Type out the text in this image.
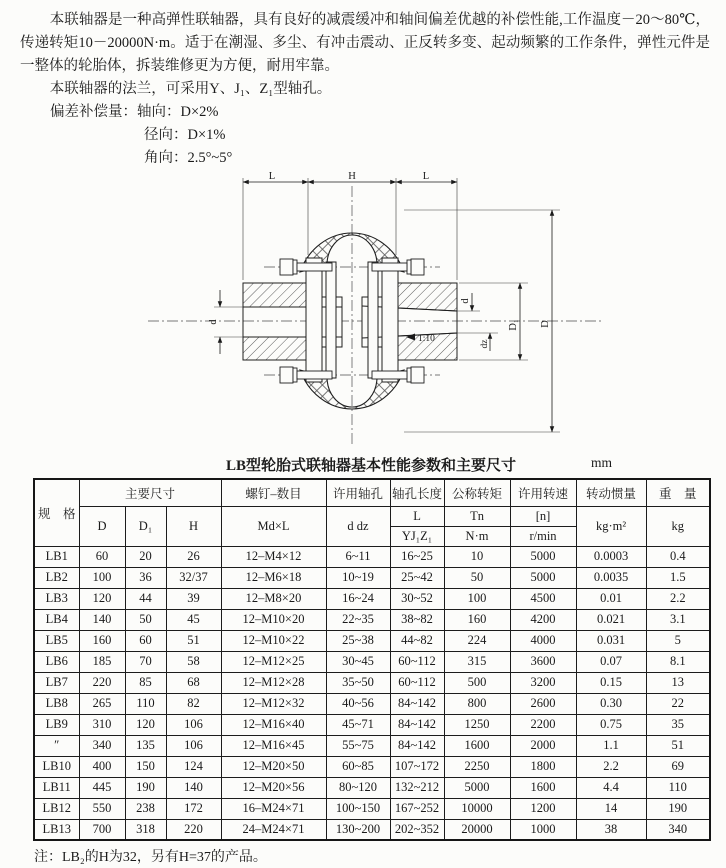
本联轴器是一种高弹性联轴器，具有良好的减震缓冲和轴间偏差优越的补偿性能,工作温度－20～80℃，传递转矩10－20000N·m。适于在潮湿、多尘、有冲击震动、正反转多变、起动频繁的工作条件，弹性元件是一整体的轮胎体，拆装维修更为方便，耐用牢靠。

本联轴器的法兰，可采用Y、J₁、Z₁型轴孔。

偏差补偿量：轴向：D×2%
径向：D×1%
角向：2.5°~5°
L	H	L
d
d
dz
D₁ D
1:10
LB型轮胎式联轴器基本性能参数和主要尺寸	mm
规　格	主要尺寸			螺钉–数目	许用轴孔	轴孔长度	公称转矩	许用转速	转动惯量	重　量
	D	D₁	H	Md×L	d dz	L	Tn	[n]	kg·m²	kg
						YJ₁Z₁	N·m	r/min		
LB1	60	20	26	12–M4×12	6~11	16~25	10	5000	0.0003	0.4
LB2	100	36	32/37	12–M6×18	10~19	25~42	50	5000	0.0035	1.5
LB3	120	44	39	12–M8×20	16~24	30~52	100	4500	0.01	2.2
LB4	140	50	45	12–M10×20	22~35	38~82	160	4200	0.021	3.1
LB5	160	60	51	12–M10×22	25~38	44~82	224	4000	0.031	5
LB6	185	70	58	12–M12×25	30~45	60~112	315	3600	0.07	8.1
LB7	220	85	68	12–M12×28	35~50	60~112	500	3200	0.15	13
LB8	265	110	82	12–M12×32	40~56	84~142	800	2600	0.30	22
LB9	310	120	106	12–M16×40	45~71	84~142	1250	2200	0.75	35
″	340	135	106	12–M16×45	55~75	84~142	1600	2000	1.1	51
LB10	400	150	124	12–M20×50	60~85	107~172	2250	1800	2.2	69
LB11	445	190	140	12–M20×56	80~120	132~212	5000	1600	4.4	110
LB12	550	238	172	16–M24×71	100~150	167~252	10000	1200	14	190
LB13	700	318	220	24–M24×71	130~200	202~352	20000	1000	38	340
注：LB₂的H为32，另有H=37的产品。
